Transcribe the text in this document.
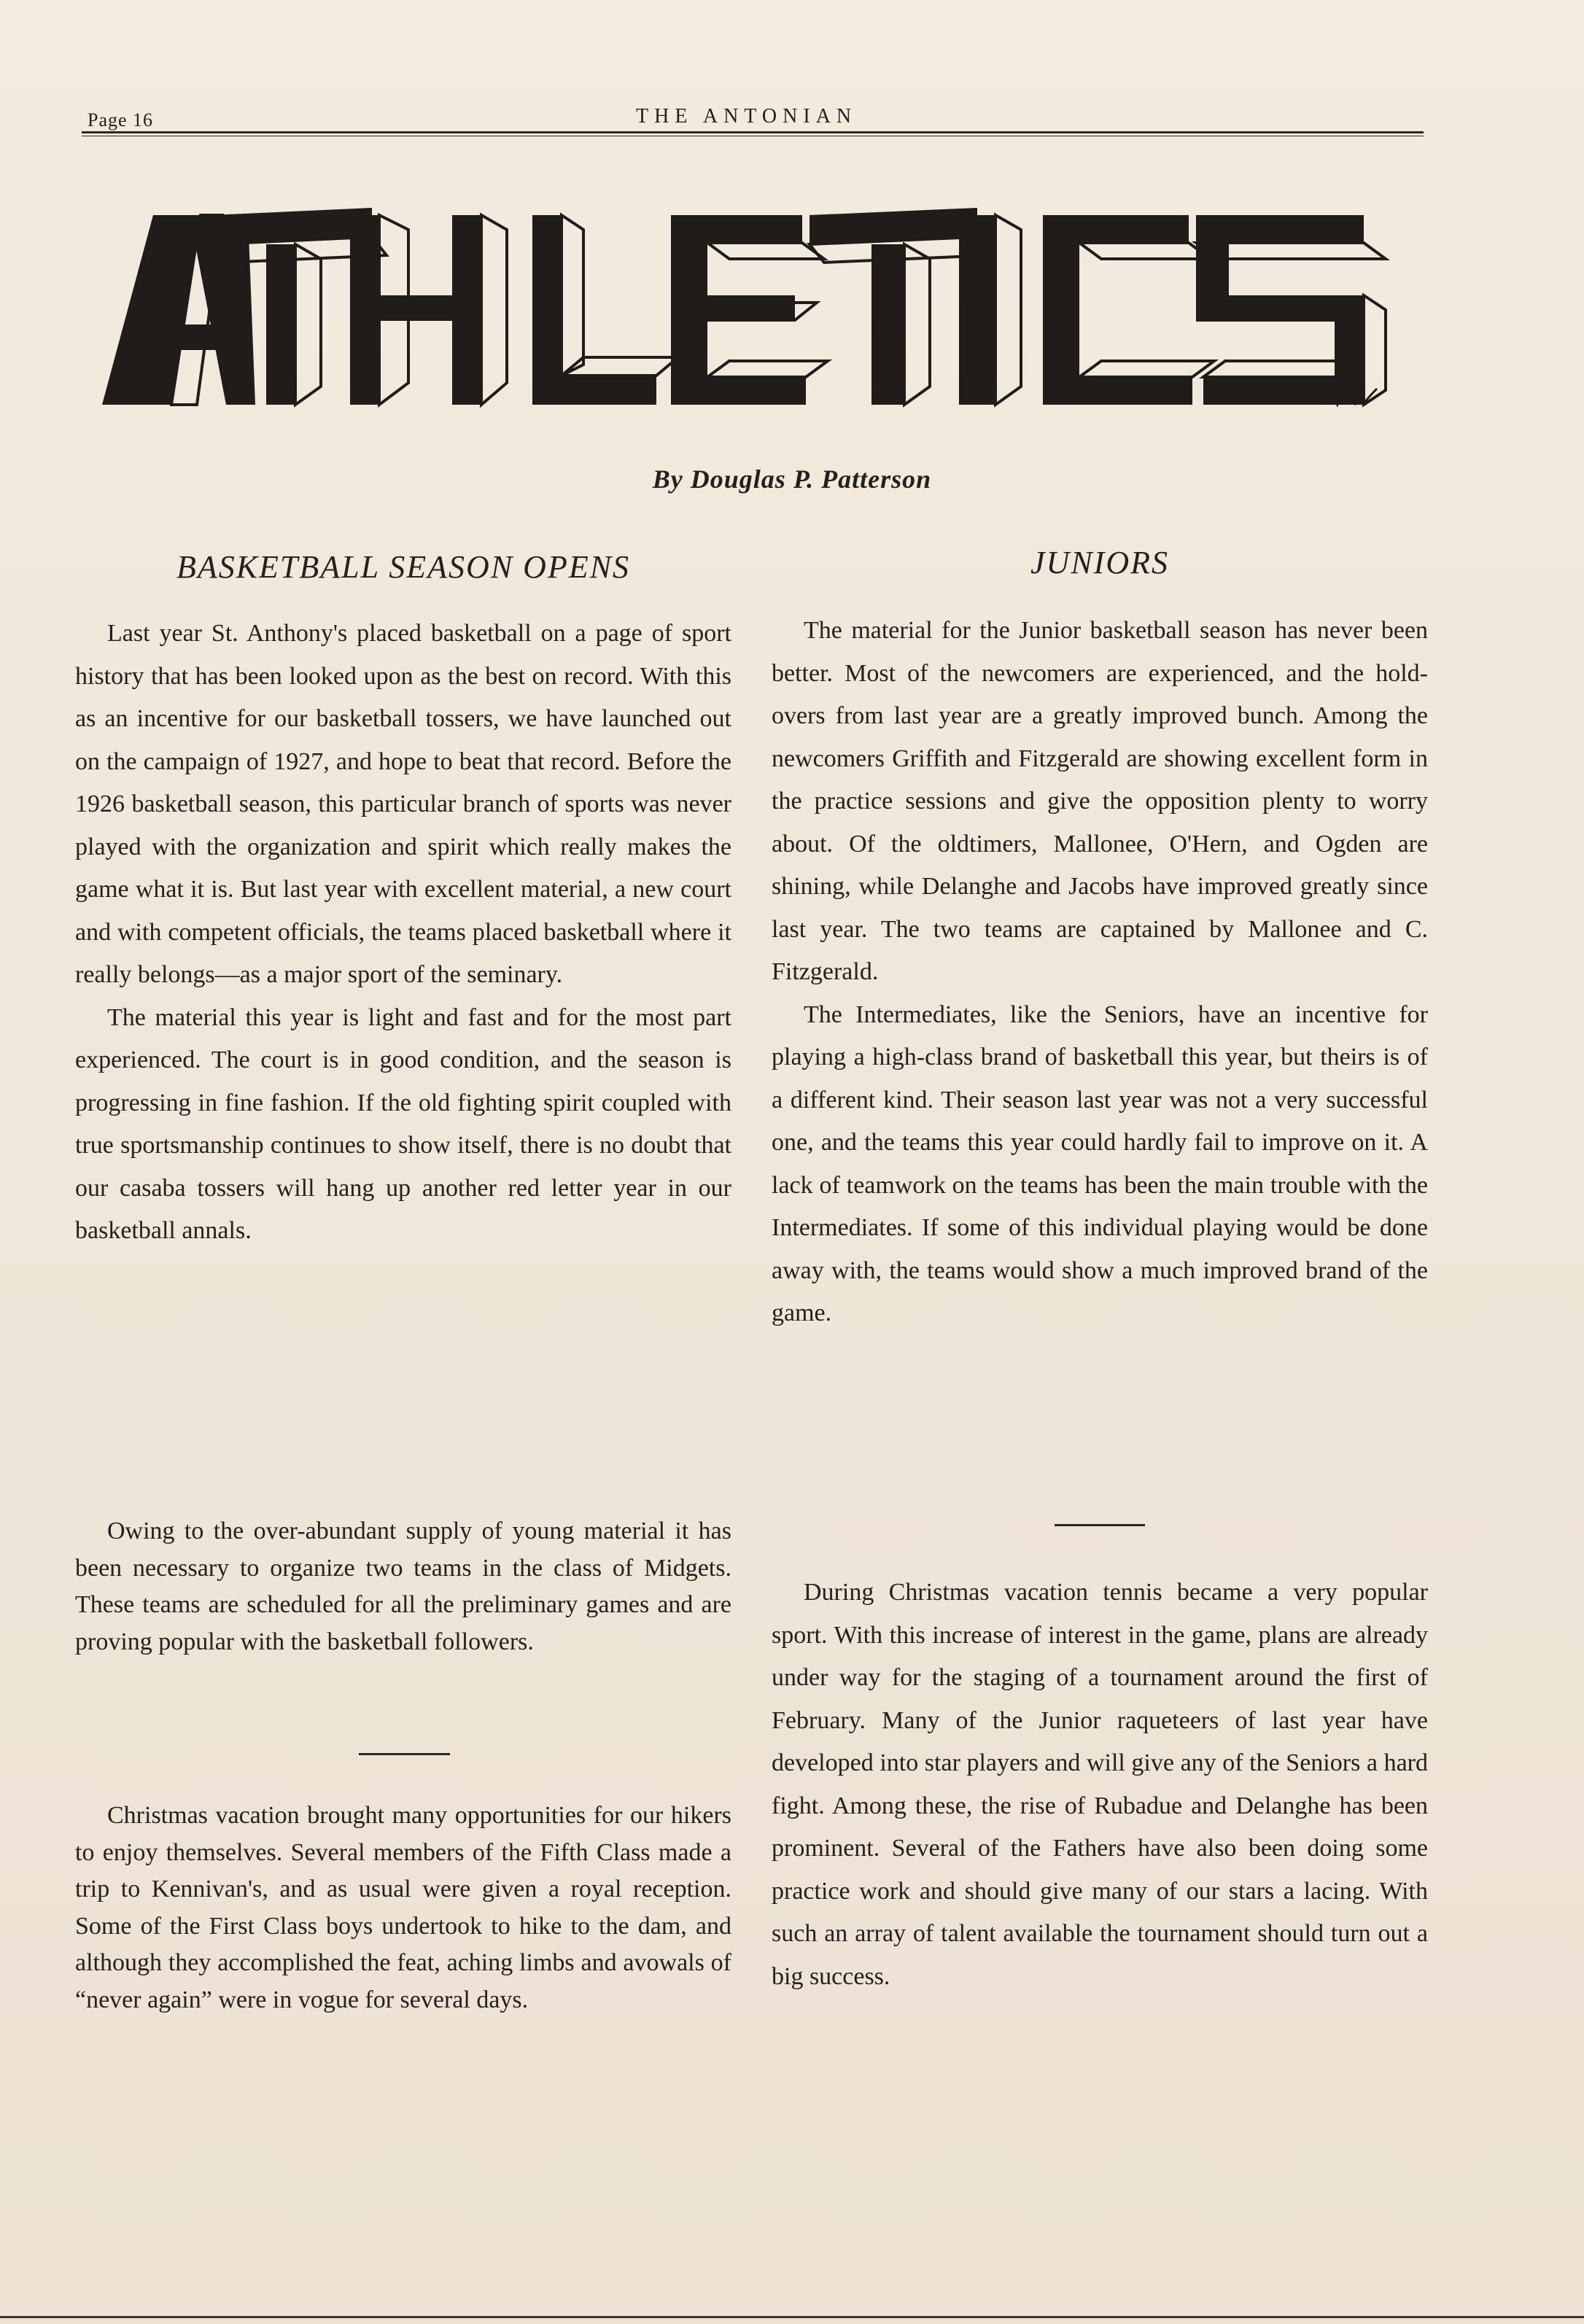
Page 16	THE ANTONIAN
By Douglas P. Patterson
BASKETBALL SEASON OPENS	JUNIORS

Last year St. Anthony's placed basketball on a page of sport history that has been looked upon as the best on record. With this as an incentive for our basketball tossers, we have launched out on the campaign of 1927, and hope to beat that record. Before the 1926 basketball season, this particular branch of sports was never played with the organization and spirit which really makes the game what it is. But last year with excellent material, a new court and with competent officials, the teams placed basketball where it really belongs—as a major sport of the seminary.

The material this year is light and fast and for the most part experienced. The court is in good condition, and the season is progressing in fine fashion. If the old fighting spirit coupled with true sportsmanship continues to show itself, there is no doubt that our casaba tossers will hang up another red letter year in our basketball annals.

Owing to the over-abundant supply of young material it has been necessary to organize two teams in the class of Midgets. These teams are scheduled for all the preliminary games and are proving popular with the basketball followers.

Christmas vacation brought many opportunities for our hikers to enjoy themselves. Several members of the Fifth Class made a trip to Kennivan's, and as usual were given a royal reception. Some of the First Class boys undertook to hike to the dam, and although they accomplished the feat, aching limbs and avowals of “never again” were in vogue for several days.

The material for the Junior basketball season has never been better. Most of the newcomers are experienced, and the hold-overs from last year are a greatly improved bunch. Among the newcomers Griffith and Fitzgerald are showing excellent form in the practice sessions and give the opposition plenty to worry about. Of the oldtimers, Mallonee, O'Hern, and Ogden are shining, while Delanghe and Jacobs have improved greatly since last year. The two teams are captained by Mallonee and C. Fitzgerald.

The Intermediates, like the Seniors, have an incentive for playing a high-class brand of basketball this year, but theirs is of a different kind. Their season last year was not a very successful one, and the teams this year could hardly fail to improve on it. A lack of teamwork on the teams has been the main trouble with the Intermediates. If some of this individual playing would be done away with, the teams would show a much improved brand of the game.

During Christmas vacation tennis became a very popular sport. With this increase of interest in the game, plans are already under way for the staging of a tournament around the first of February. Many of the Junior raqueteers of last year have developed into star players and will give any of the Seniors a hard fight. Among these, the rise of Rubadue and Delanghe has been prominent. Several of the Fathers have also been doing some practice work and should give many of our stars a lacing. With such an array of talent available the tournament should turn out a big success.
